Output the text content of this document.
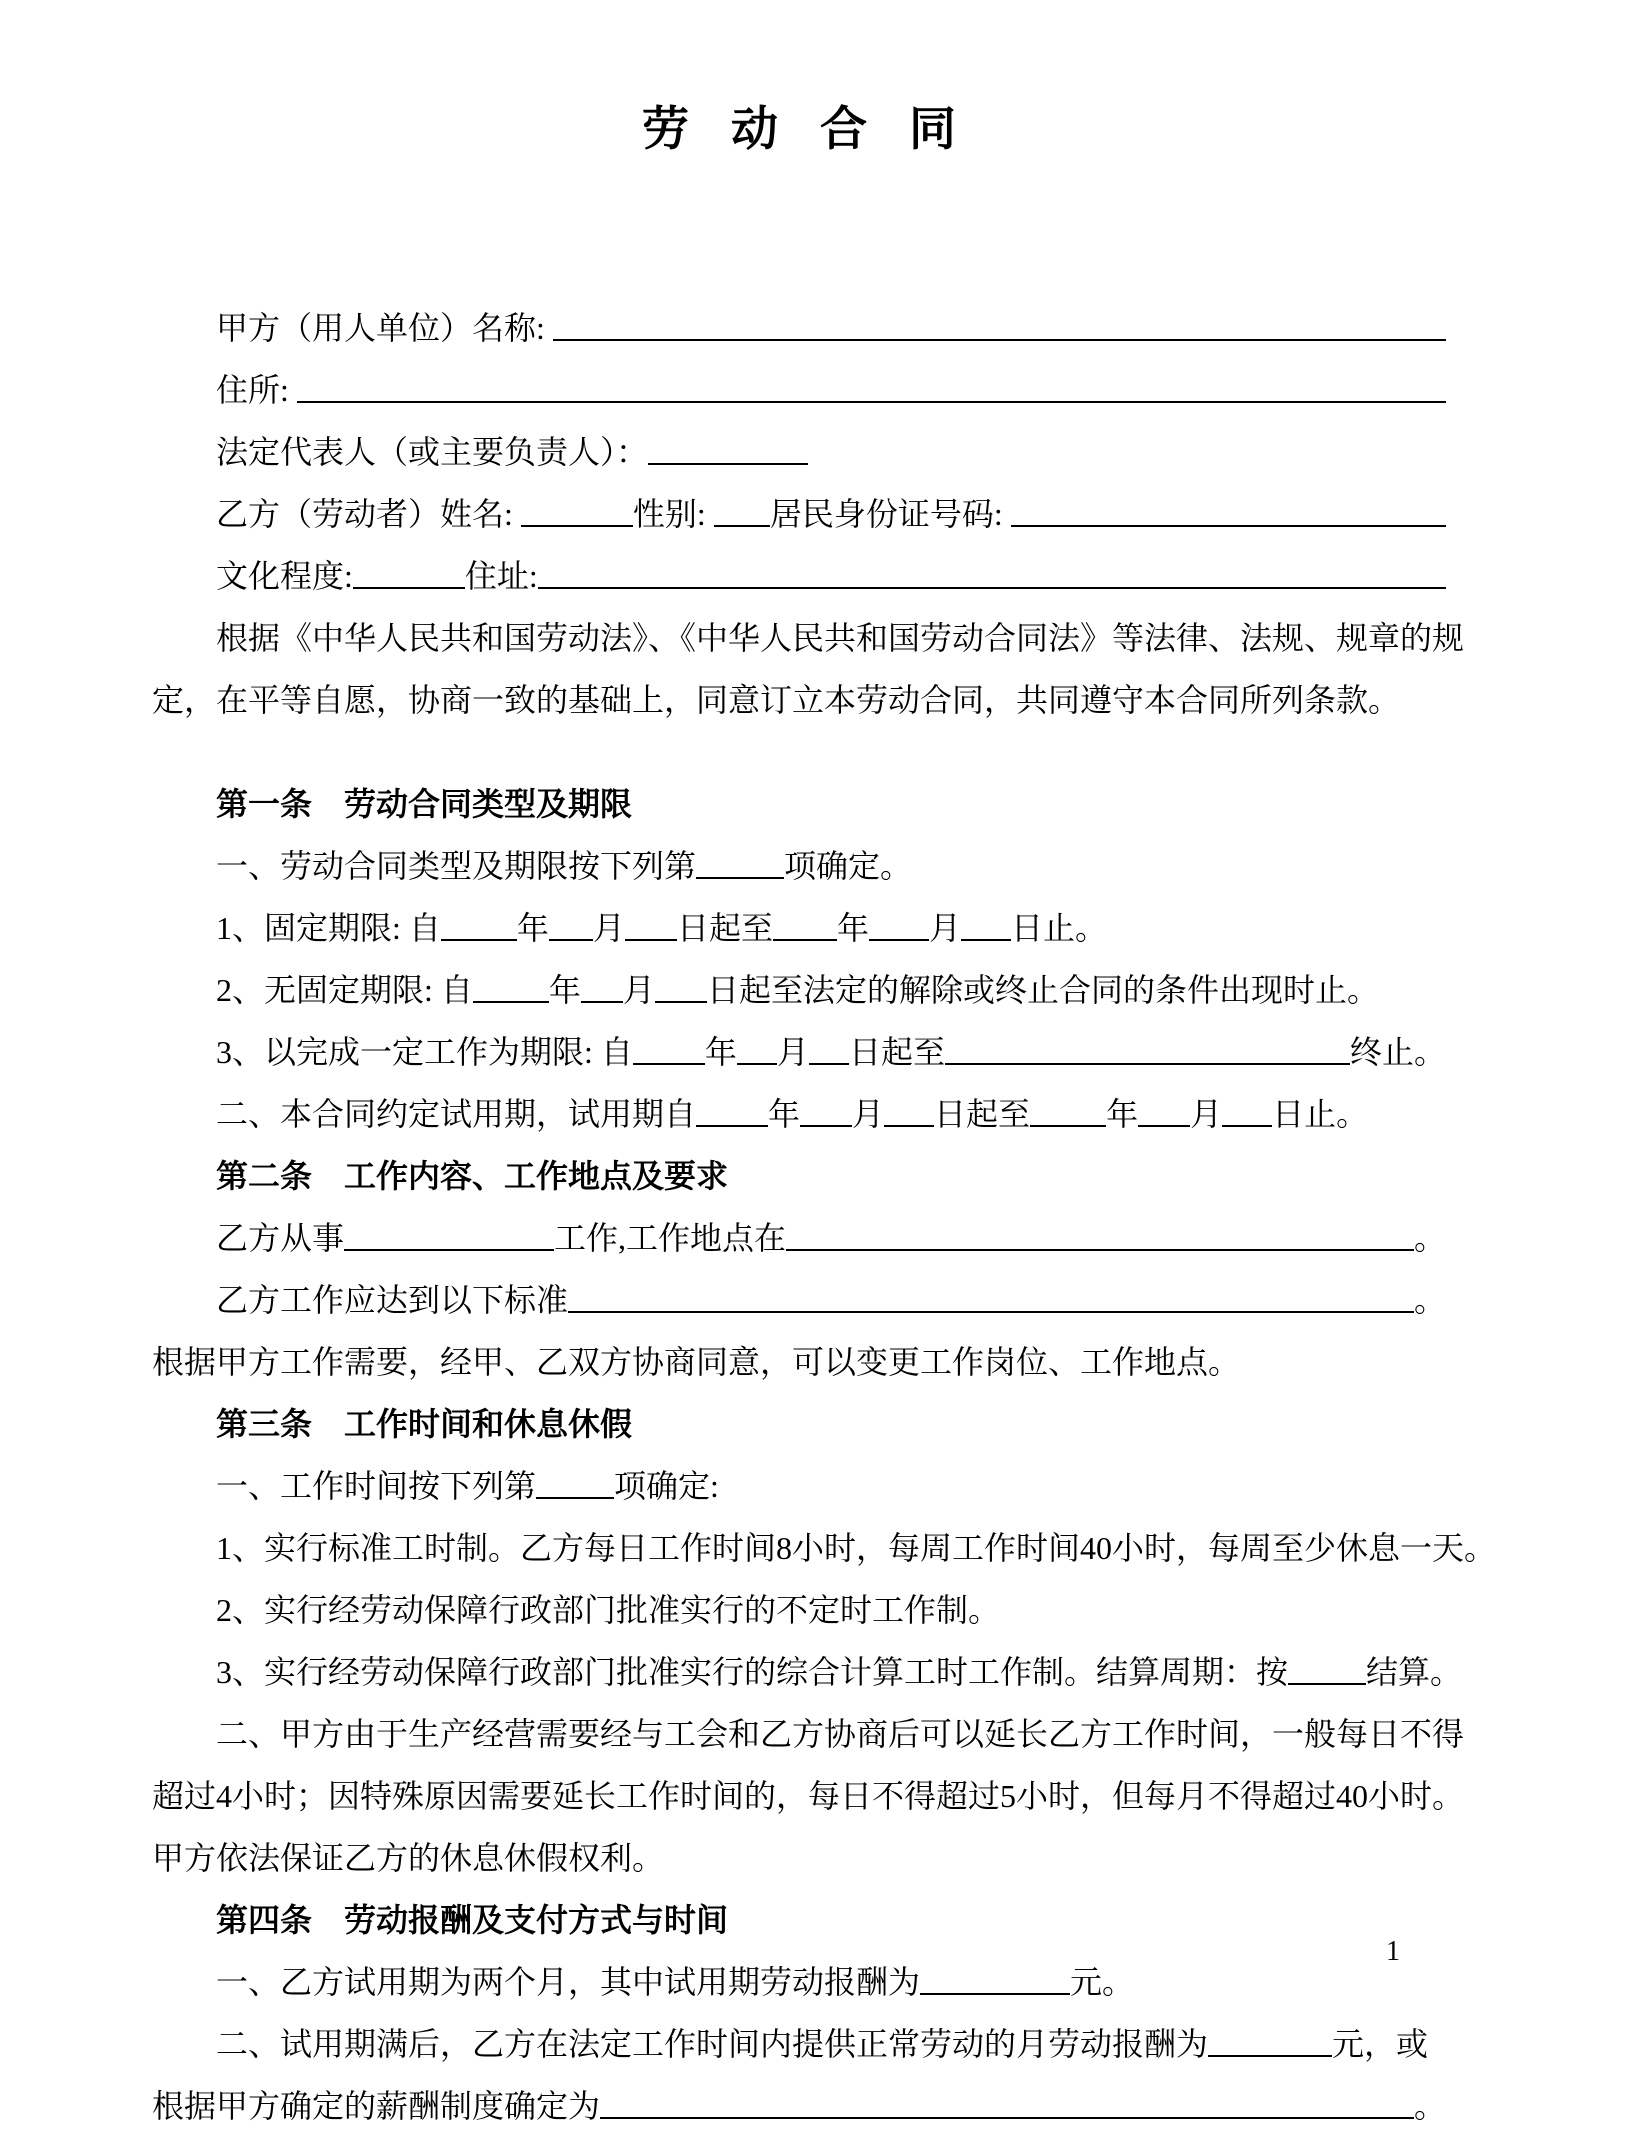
劳动合同
甲方（用人单位）名称:
住所:
法定代表人（或主要负责人）：
乙方（劳动者）姓名:	性别: 居民身份证号码:
文化程度:	住址:
根据《中华人民共和国劳动法》、《中华人民共和国劳动合同法》等法律、法规、规章的规
定，在平等自愿，协商一致的基础上，同意订立本劳动合同，共同遵守本合同所列条款。
第一条　劳动合同类型及期限
一、劳动合同类型及期限按下列第	项确定。
1、固定期限: 自 年 月 日起至 年 月 日止。
2、无固定期限: 自 年 月 日起至法定的解除或终止合同的条件出现时止。
3、以完成一定工作为期限: 自 年 月 日起至	终止。
二、本合同约定试用期，试用期自 年 月 日起至 年 月 日止。
第二条　工作内容、工作地点及要求
乙方从事	工作,工作地点在	。
乙方工作应达到以下标准	。
根据甲方工作需要，经甲、乙双方协商同意，可以变更工作岗位、工作地点。
第三条　工作时间和休息休假
一、工作时间按下列第 项确定:
1、实行标准工时制。乙方每日工作时间8小时，每周工作时间40小时，每周至少休息一天。
2、实行经劳动保障行政部门批准实行的不定时工作制。
3、实行经劳动保障行政部门批准实行的综合计算工时工作制。结算周期：按 结算。
二、甲方由于生产经营需要经与工会和乙方协商后可以延长乙方工作时间，一般每日不得
超过4小时；因特殊原因需要延长工作时间的，每日不得超过5小时，但每月不得超过40小时。
甲方依法保证乙方的休息休假权利。
第四条　劳动报酬及支付方式与时间
一、乙方试用期为两个月，其中试用期劳动报酬为	元。
二、试用期满后，乙方在法定工作时间内提供正常劳动的月劳动报酬为	元，或
根据甲方确定的薪酬制度确定为	。
1
